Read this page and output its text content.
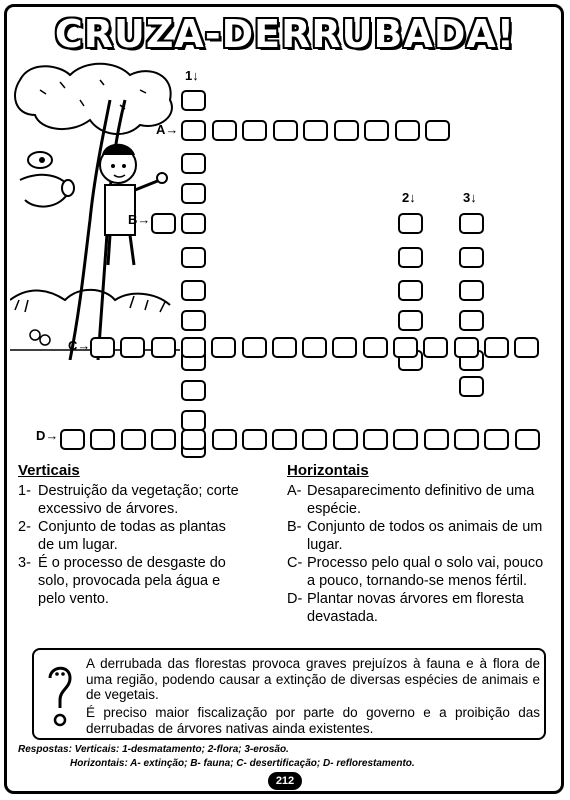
CRUZA-DERRUBADA!
1↓
2↓	3↓
A→
B→
C→
D→
Verticais
1- Destruição da vegetação; corte excessivo de árvores.
2- Conjunto de todas as plantas de um lugar.
3- É o processo de desgaste do solo, provocada pela água e pelo vento.
Horizontais
A- Desaparecimento definitivo de uma espécie.
B- Conjunto de todos os animais de um lugar.
C- Processo pelo qual o solo vai, pouco a pouco, tornando-se menos fértil.
D- Plantar novas árvores em floresta devastada.

A derrubada das florestas provoca graves prejuízos à fauna e à flora de uma região, podendo causar a extinção de diversas espécies de animais e de vegetais.

É preciso maior fiscalização por parte do governo e a proibição das derrubadas de árvores nativas ainda existentes.

Respostas: Verticais: 1-desmatamento; 2-flora; 3-erosão.
Horizontais: A- extinção; B- fauna; C- desertificação; D- reflorestamento.
212
